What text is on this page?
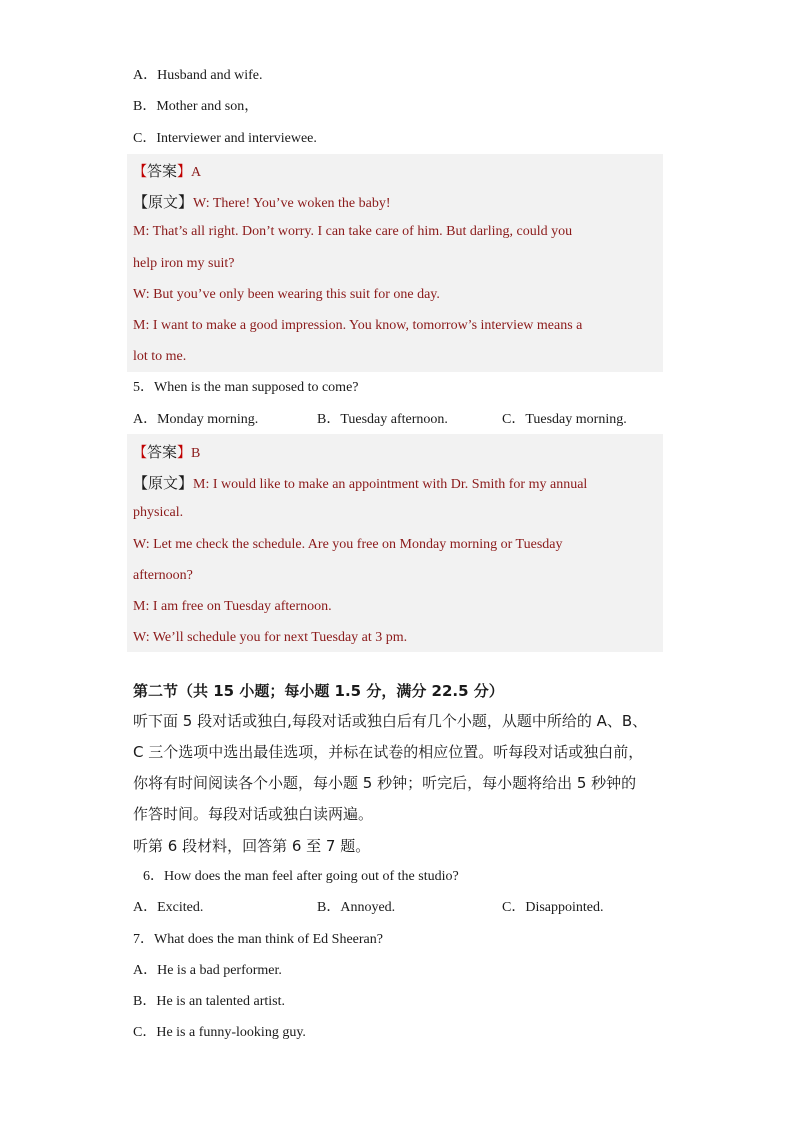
A．Husband and wife.
B．Mother and son，
C．Interviewer and interviewee.
【答案】A
【原文】W: There! You’ve woken the baby!
M: That’s all right. Don’t worry. I can take care of him. But darling, could you
help iron my suit?
W: But you’ve only been wearing this suit for one day.
M: I want to make a good impression. You know, tomorrow’s interview means a
lot to me.
5．When is the man supposed to come?
A．Monday morning.	B．Tuesday afternoon.	C．Tuesday morning.
【答案】B
【原文】M: I would like to make an appointment with Dr. Smith for my annual
physical.
W: Let me check the schedule. Are you free on Monday morning or Tuesday
afternoon?
M: I am free on Tuesday afternoon.
W: We’ll schedule you for next Tuesday at 3 pm.
第二节（共 15 小题；每小题 1.5 分，满分 22.5 分）
听下面 5 段对话或独白,每段对话或独白后有几个小题，从题中所给的 A、B、
C 三个选项中选出最佳选项，并标在试卷的相应位置。听每段对话或独白前，
你将有时间阅读各个小题，每小题 5 秒钟；听完后，每小题将给出 5 秒钟的
作答时间。每段对话或独白读两遍。
听第 6 段材料，回答第 6 至 7 题。
6．How does the man feel after going out of the studio?
A．Excited.	B．Annoyed.	C．Disappointed.
7．What does the man think of Ed Sheeran?
A．He is a bad performer.
B．He is an talented artist.
C．He is a funny-looking guy.
